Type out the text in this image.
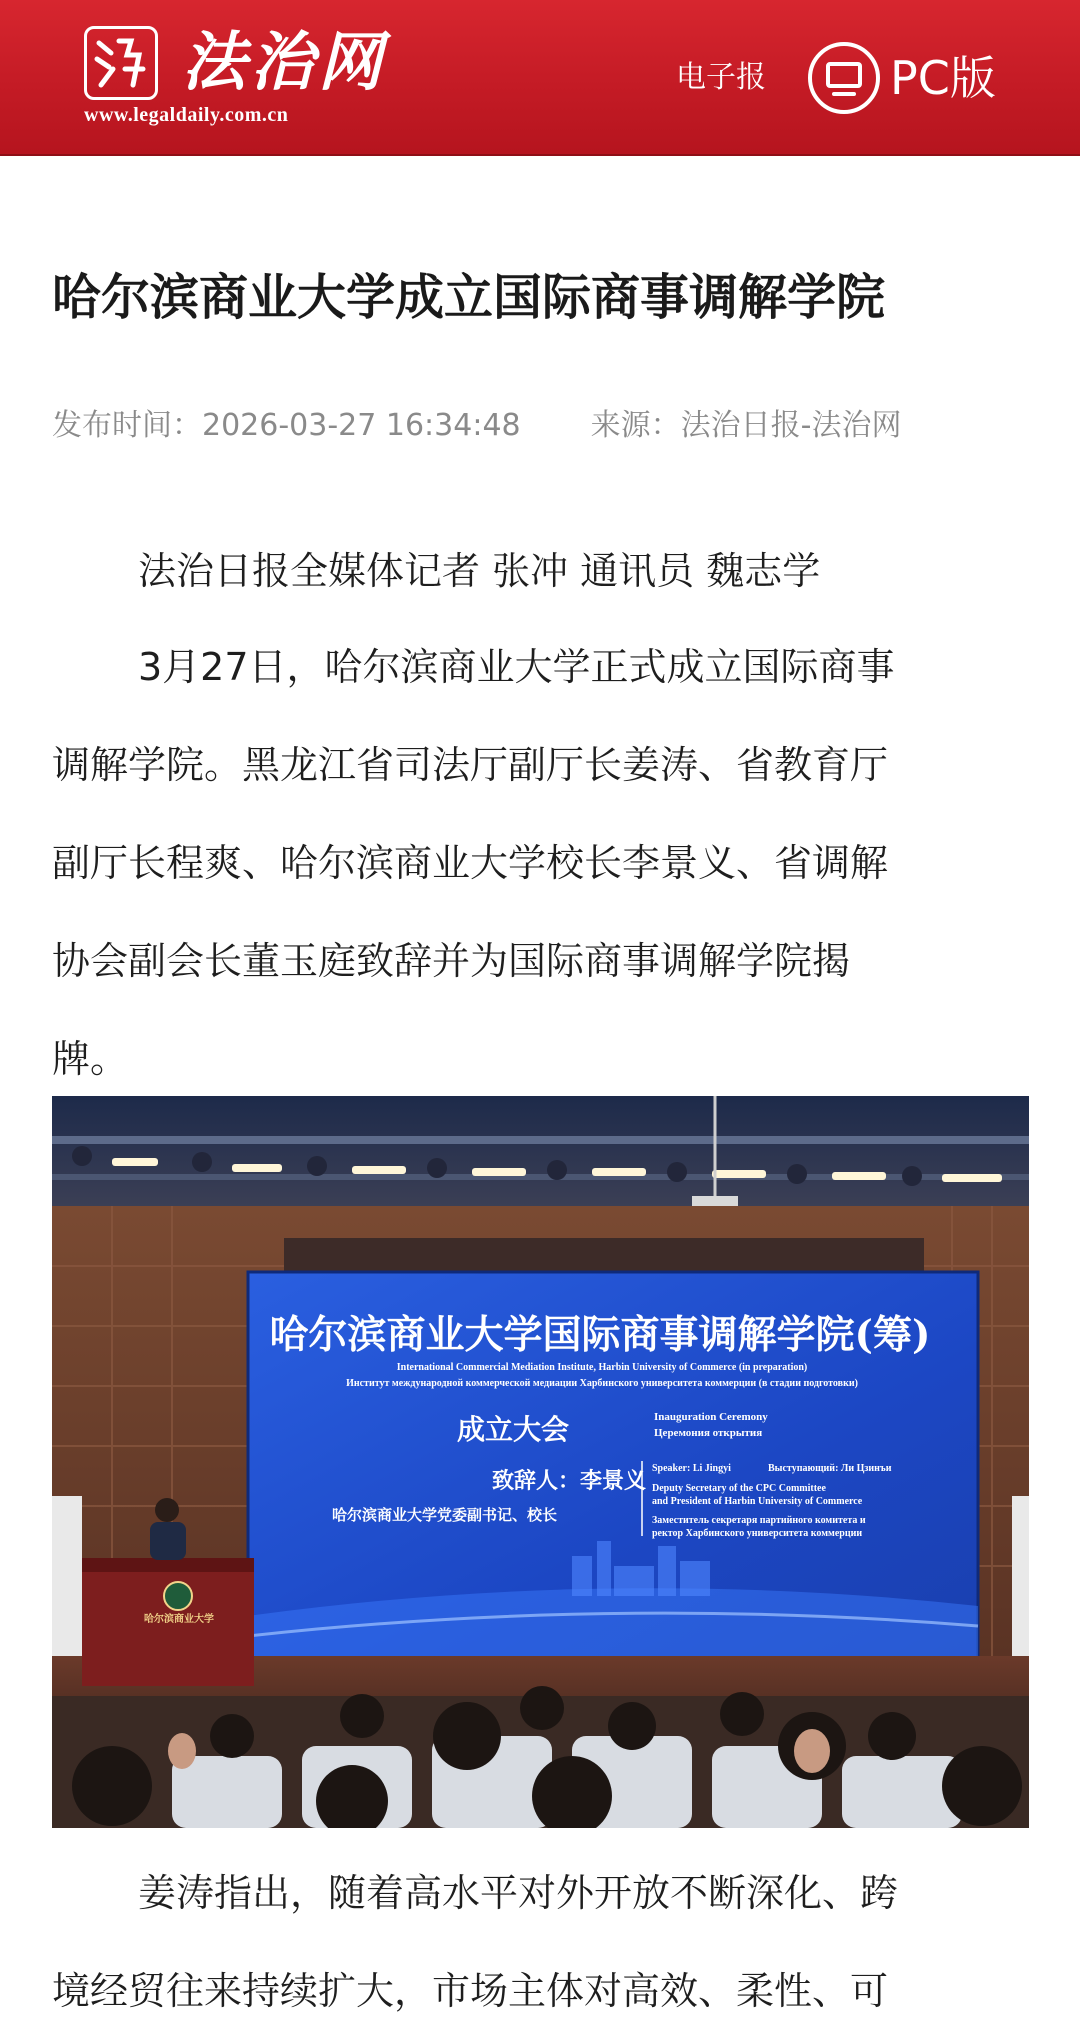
法治网
www.legaldaily.com.cn
电子报	PC版
哈尔滨商业大学成立国际商事调解学院
发布时间：2026-03-27 16:34:48 来源：法治日报-法治网

法治日报全媒体记者 张冲 通讯员 魏志学

3月27日，哈尔滨商业大学正式成立国际商事
调解学院。黑龙江省司法厅副厅长姜涛、省教育厅
副厅长程爽、哈尔滨商业大学校长李景义、省调解
协会副会长董玉庭致辞并为国际商事调解学院揭
牌。

哈尔滨商业大学国际商事调解学院(筹)
International Commercial Mediation Institute, Harbin University of Commerce (in preparation)
Институт международной коммерческой медиации Харбинского университета коммерции (в стадии подготовки)
成立大会	Inauguration Ceremony
Церемония открытия
致辞人：李景义
哈尔滨商业大学党委副书记、校长
Speaker: Li Jingyi	Выступающий: Ли Цзинъи
Deputy Secretary of the CPC Committee
and President of Harbin University of Commerce
Заместитель секретаря партийного комитета и
ректор Харбинского университета коммерции
哈尔滨商业大学

姜涛指出，随着高水平对外开放不断深化、跨
境经贸往来持续扩大，市场主体对高效、柔性、可
